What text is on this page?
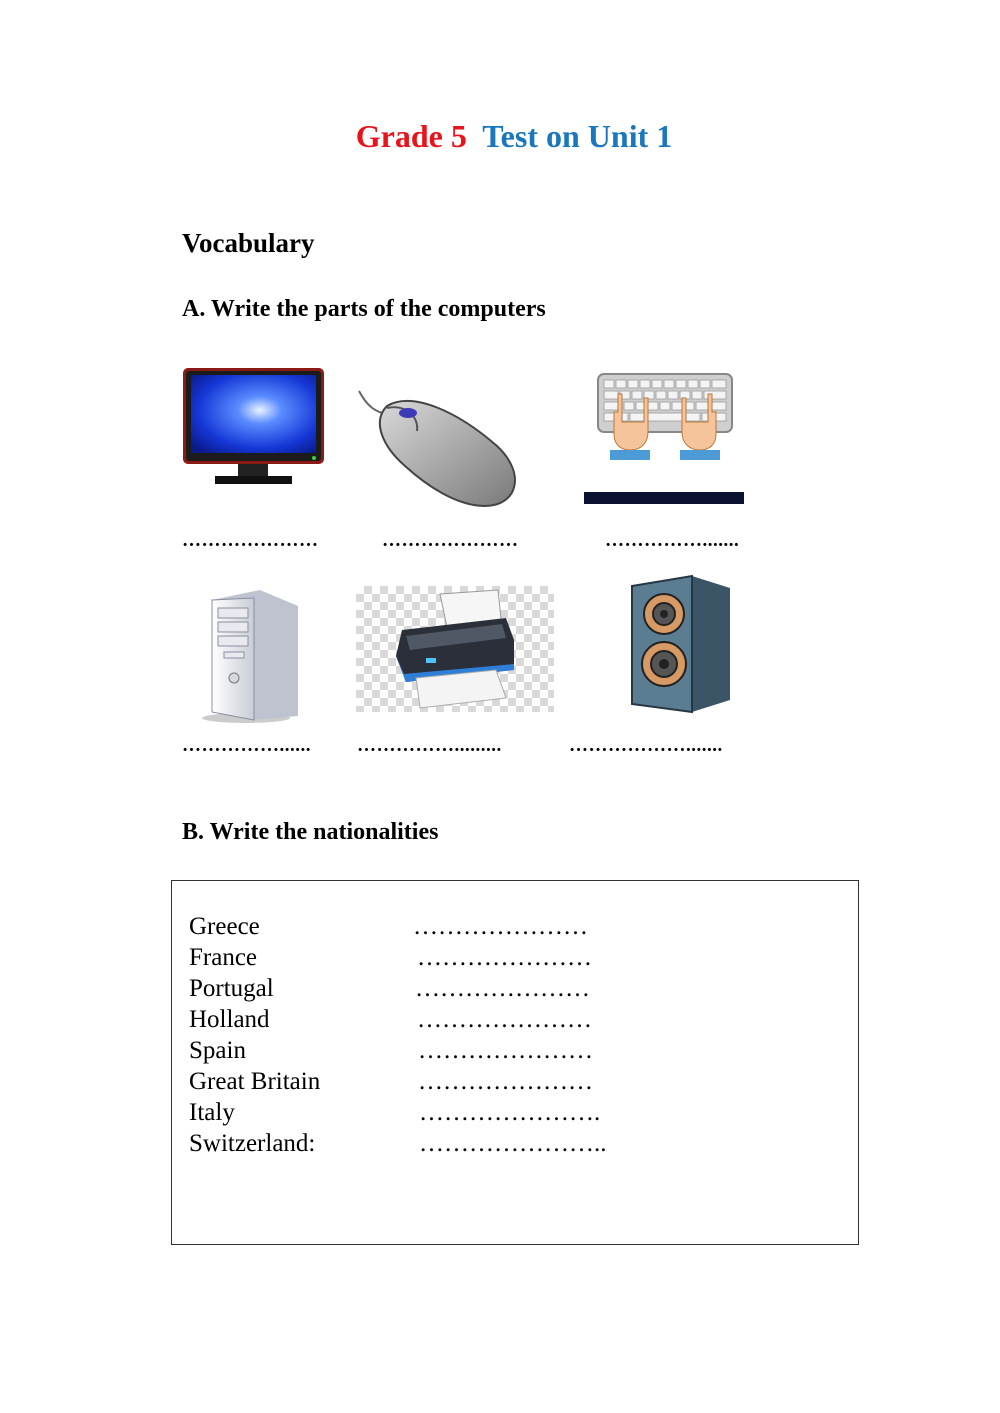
Grade 5 Test on Unit 1
Vocabulary
A. Write the parts of the computers
…………………	…………………	…………….......
……………...... …………….........	……………….......
B. Write the nationalities
Greece	…………………
France	…………………
Portugal	…………………
Holland	…………………
Spain	…………………
Great Britain	…………………
Italy	………………….
Switzerland:	…………………..
